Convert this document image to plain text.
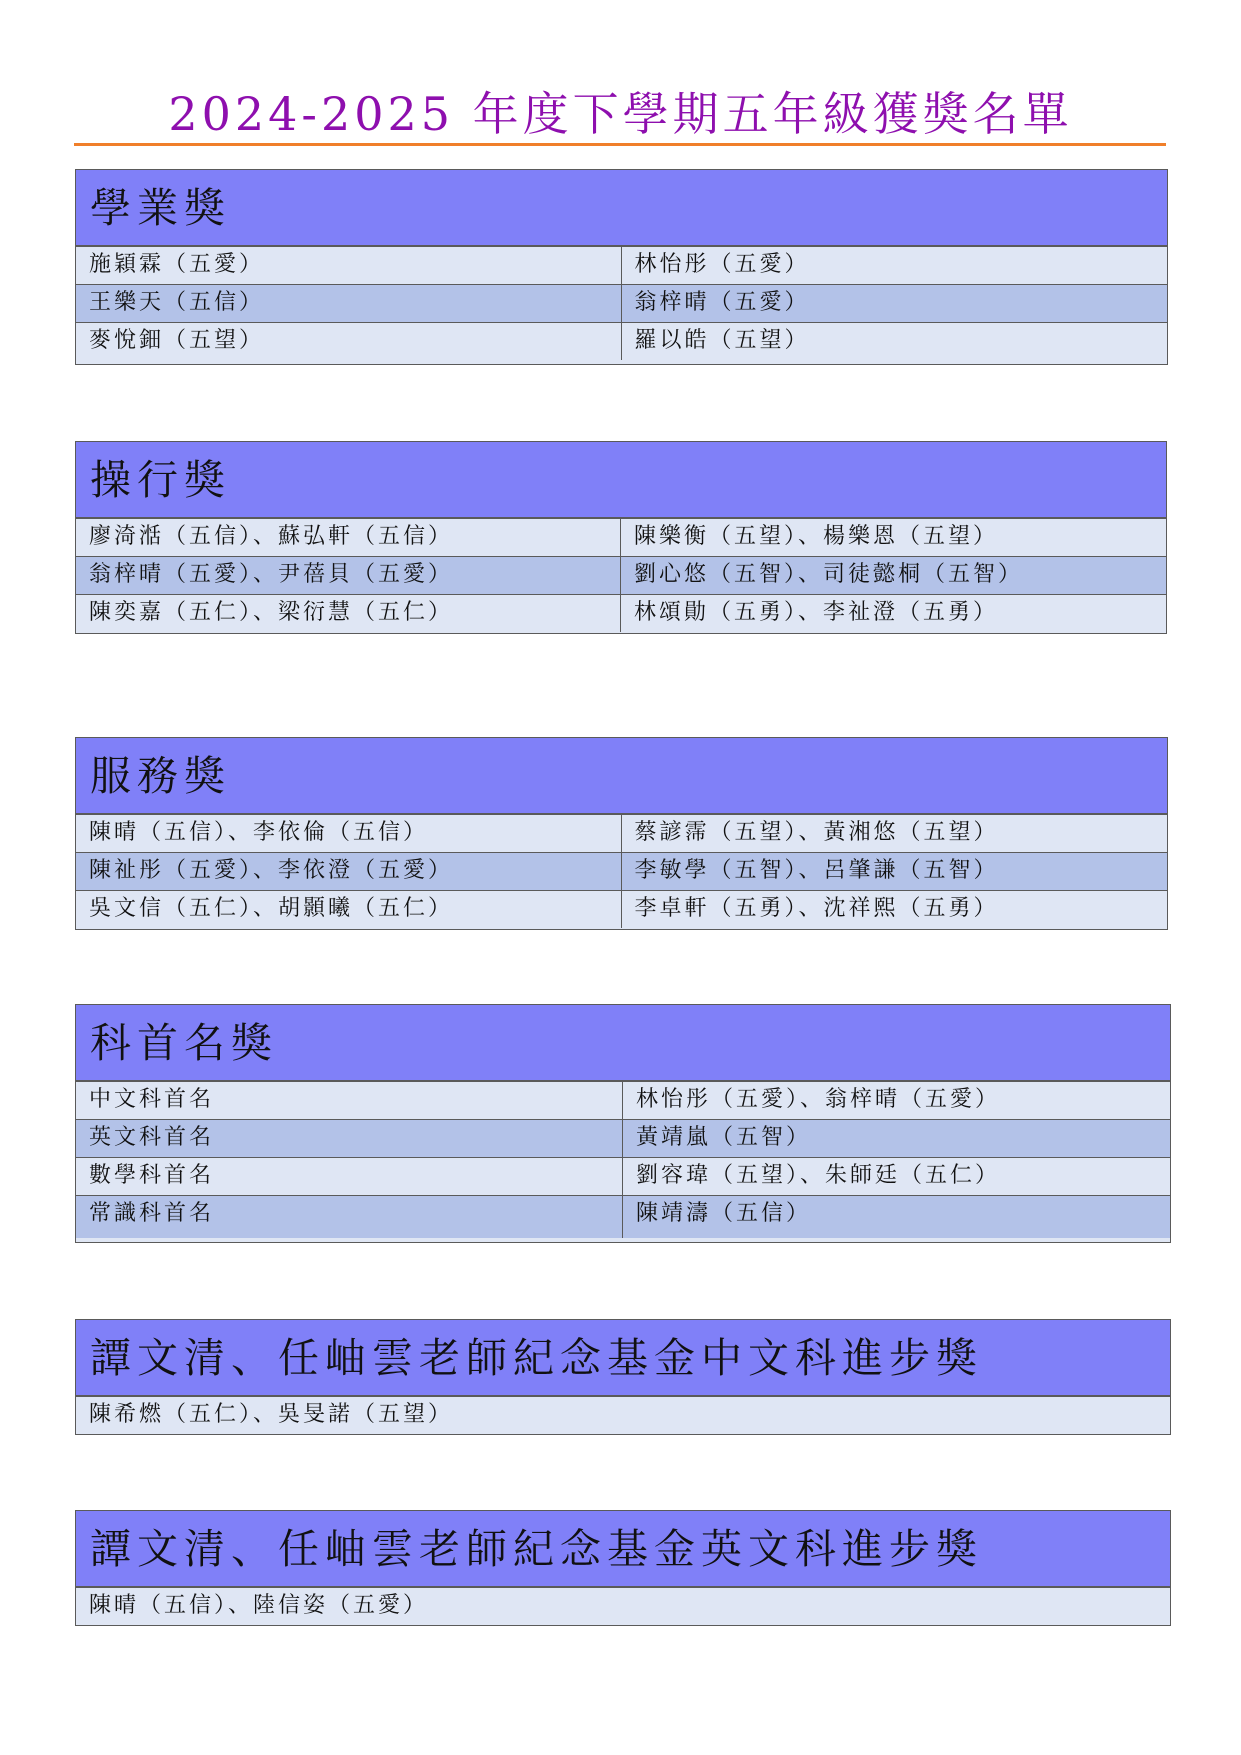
2024-2025 年度下學期五年級獲獎名單
學業獎
施穎霖（五愛）	林怡彤（五愛）
王樂天（五信）	翁梓晴（五愛）
麥悅鈿（五望）	羅以皓（五望）
操行獎
廖渏湉（五信）、蘇弘軒（五信）	陳樂衡（五望）、楊樂恩（五望）
翁梓晴（五愛）、尹蓓貝（五愛）	劉心悠（五智）、司徒懿桐（五智）
陳奕嘉（五仁）、梁衍慧（五仁）	林頌勛（五勇）、李祉澄（五勇）
服務獎
陳晴（五信）、李依倫（五信）	蔡諺霈（五望）、黃湘悠（五望）
陳祉彤（五愛）、李依澄（五愛）	李敏學（五智）、呂肇謙（五智）
吳文信（五仁）、胡顥曦（五仁）	李卓軒（五勇）、沈祥熙（五勇）
科首名獎
中文科首名	林怡彤（五愛）、翁梓晴（五愛）
英文科首名	黃靖嵐（五智）
數學科首名	劉容瑋（五望）、朱師廷（五仁）
常識科首名	陳靖濤（五信）
譚文清、任岫雲老師紀念基金中文科進步獎
陳希燃（五仁）、吳旻諾（五望）
譚文清、任岫雲老師紀念基金英文科進步獎
陳晴（五信）、陸信姿（五愛）
